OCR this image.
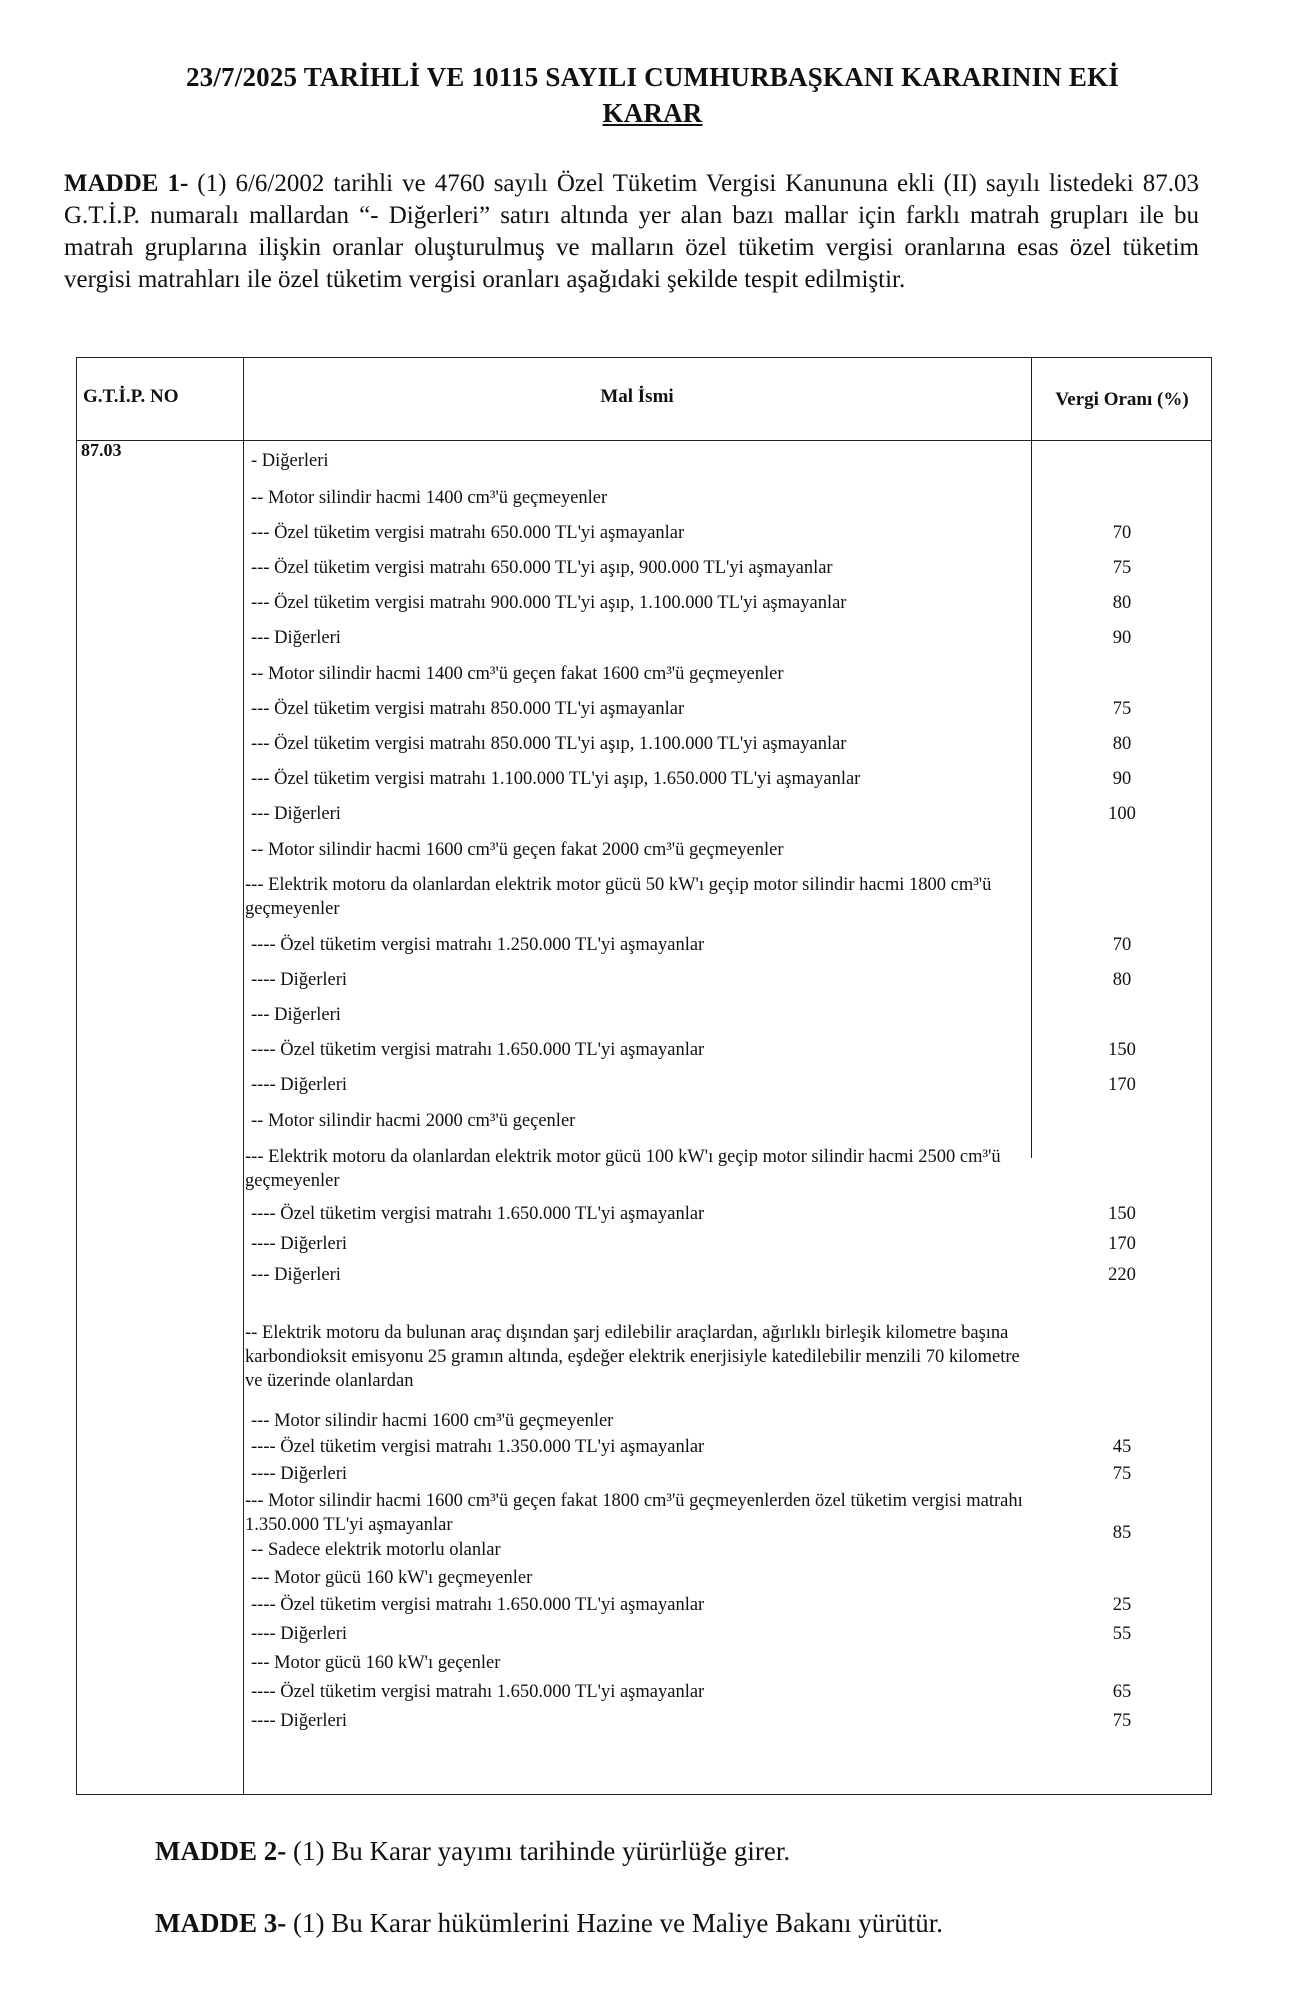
23/7/2025 TARİHLİ VE 10115 SAYILI CUMHURBAŞKANI KARARININ EKİ
KARAR
MADDE 1- (1) 6/6/2002 tarihli ve 4760 sayılı Özel Tüketim Vergisi Kanununa ekli (II) sayılı listedeki 87.03 G.T.İ.P. numaralı mallardan “- Diğerleri” satırı altında yer alan bazı mallar için farklı matrah grupları ile bu matrah gruplarına ilişkin oranlar oluşturulmuş ve malların özel tüketim vergisi oranlarına esas özel tüketim vergisi matrahları ile özel tüketim vergisi oranları aşağıdaki şekilde tespit edilmiştir.
G.T.İ.P. NO	Mal İsmi	Vergi Oranı (%)
87.03
- Diğerleri
-- Motor silindir hacmi 1400 cm³'ü geçmeyenler
--- Özel tüketim vergisi matrahı 650.000 TL'yi aşmayanlar	70
--- Özel tüketim vergisi matrahı 650.000 TL'yi aşıp, 900.000 TL'yi aşmayanlar	75
--- Özel tüketim vergisi matrahı 900.000 TL'yi aşıp, 1.100.000 TL'yi aşmayanlar	80
--- Diğerleri	90
-- Motor silindir hacmi 1400 cm³'ü geçen fakat 1600 cm³'ü geçmeyenler
--- Özel tüketim vergisi matrahı 850.000 TL'yi aşmayanlar	75
--- Özel tüketim vergisi matrahı 850.000 TL'yi aşıp, 1.100.000 TL'yi aşmayanlar	80
--- Özel tüketim vergisi matrahı 1.100.000 TL'yi aşıp, 1.650.000 TL'yi aşmayanlar	90
--- Diğerleri	100
-- Motor silindir hacmi 1600 cm³'ü geçen fakat 2000 cm³'ü geçmeyenler
--- Elektrik motoru da olanlardan elektrik motor gücü 50 kW'ı geçip motor silindir hacmi 1800 cm³'ü geçmeyenler
---- Özel tüketim vergisi matrahı 1.250.000 TL'yi aşmayanlar	70
---- Diğerleri	80
--- Diğerleri
---- Özel tüketim vergisi matrahı 1.650.000 TL'yi aşmayanlar	150
---- Diğerleri	170
-- Motor silindir hacmi 2000 cm³'ü geçenler
--- Elektrik motoru da olanlardan elektrik motor gücü 100 kW'ı geçip motor silindir hacmi 2500 cm³'ü geçmeyenler
---- Özel tüketim vergisi matrahı 1.650.000 TL'yi aşmayanlar	150
---- Diğerleri	170
--- Diğerleri	220
-- Elektrik motoru da bulunan araç dışından şarj edilebilir araçlardan, ağırlıklı birleşik kilometre başına karbondioksit emisyonu 25 gramın altında, eşdeğer elektrik enerjisiyle katedilebilir menzili 70 kilometre ve üzerinde olanlardan
--- Motor silindir hacmi 1600 cm³'ü geçmeyenler
---- Özel tüketim vergisi matrahı 1.350.000 TL'yi aşmayanlar	45
---- Diğerleri	75
--- Motor silindir hacmi 1600 cm³'ü geçen fakat 1800 cm³'ü geçmeyenlerden özel tüketim vergisi matrahı 1.350.000 TL'yi aşmayanlar	85
-- Sadece elektrik motorlu olanlar
--- Motor gücü 160 kW'ı geçmeyenler
---- Özel tüketim vergisi matrahı 1.650.000 TL'yi aşmayanlar	25
---- Diğerleri	55
--- Motor gücü 160 kW'ı geçenler
---- Özel tüketim vergisi matrahı 1.650.000 TL'yi aşmayanlar	65
---- Diğerleri	75
MADDE 2- (1) Bu Karar yayımı tarihinde yürürlüğe girer.
MADDE 3- (1) Bu Karar hükümlerini Hazine ve Maliye Bakanı yürütür.
